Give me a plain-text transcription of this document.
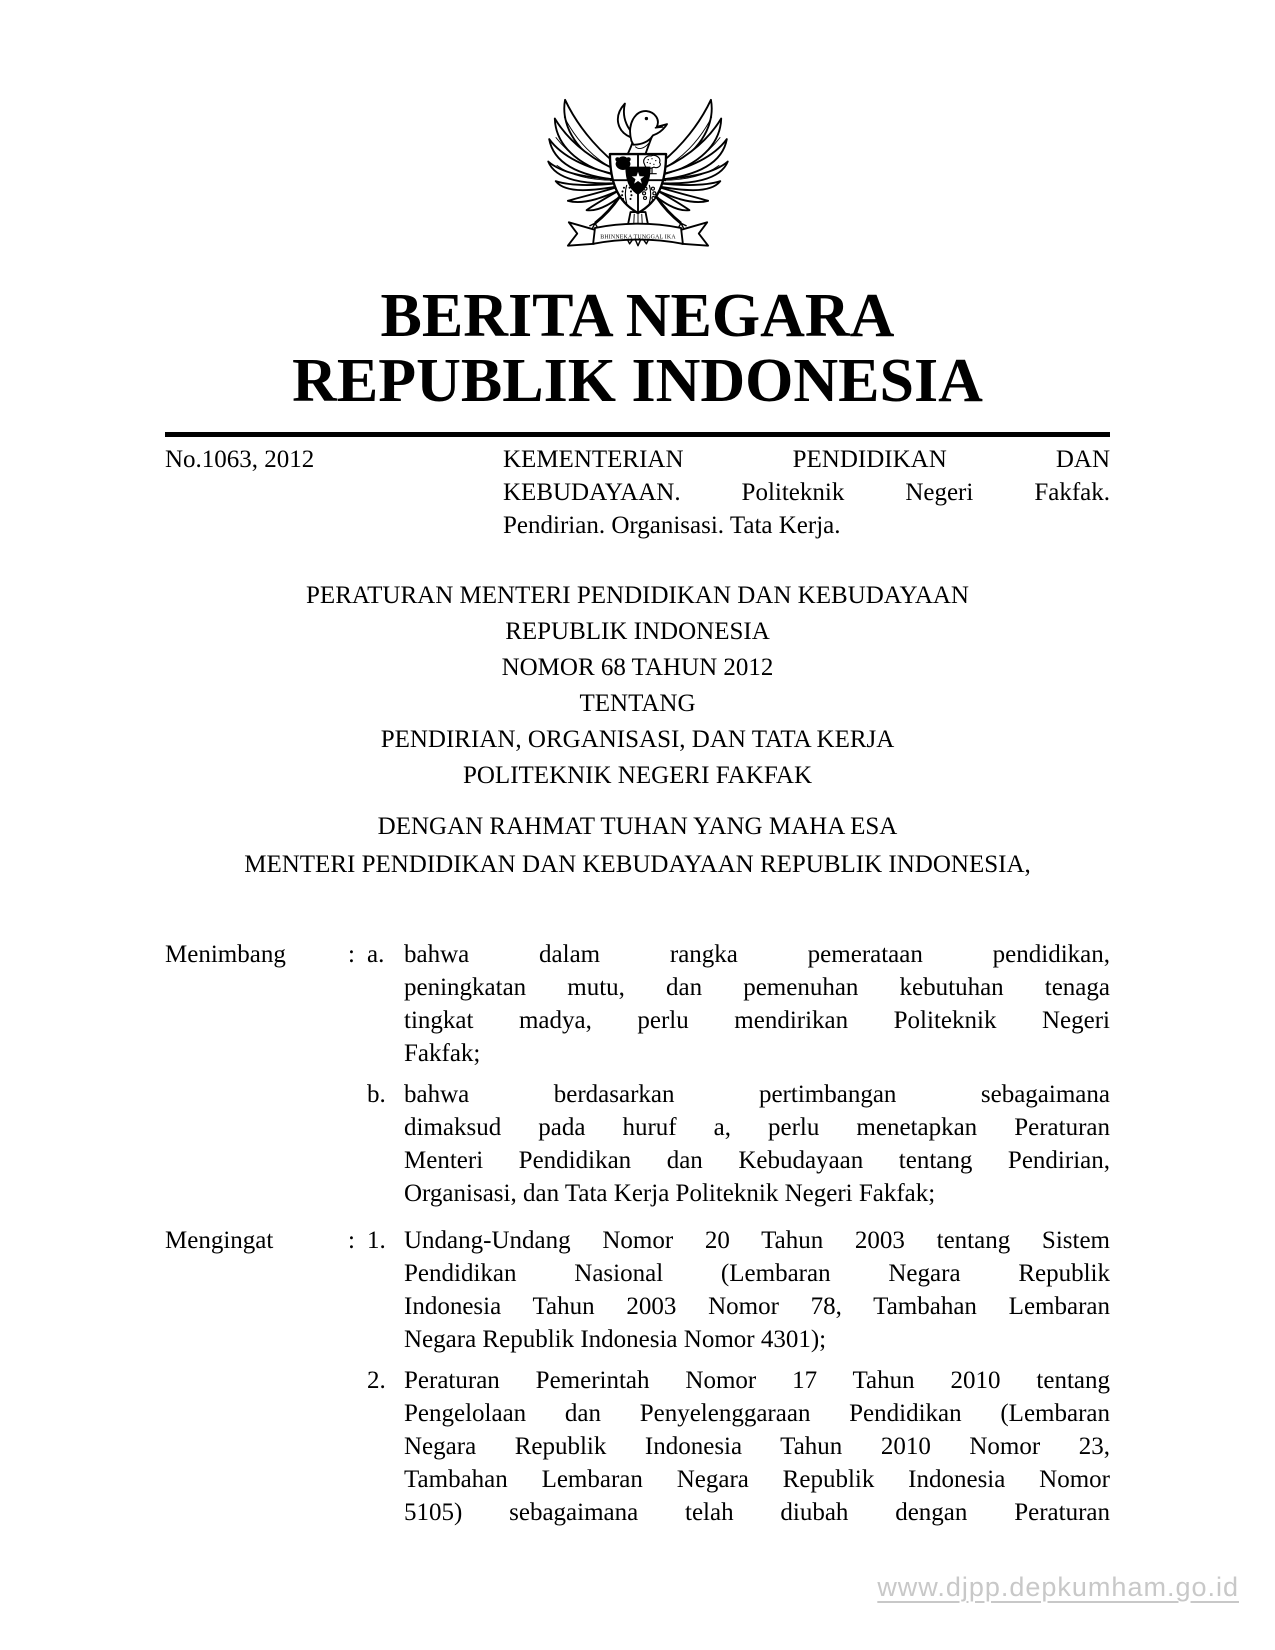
BHINNEKA TUNGGAL IKA
BERITA NEGARA
REPUBLIK INDONESIA
No.1063, 2012	KEMENTERIAN PENDIDIKAN DAN
KEBUDAYAAN. Politeknik Negeri Fakfak.
Pendirian. Organisasi. Tata Kerja.
PERATURAN MENTERI PENDIDIKAN DAN KEBUDAYAAN
REPUBLIK INDONESIA
NOMOR 68 TAHUN 2012
TENTANG
PENDIRIAN, ORGANISASI, DAN TATA KERJA
POLITEKNIK NEGERI FAKFAK
DENGAN RAHMAT TUHAN YANG MAHA ESA
MENTERI PENDIDIKAN DAN KEBUDAYAAN REPUBLIK INDONESIA,
Menimbang	: a. bahwa dalam rangka pemerataan pendidikan,
peningkatan mutu, dan pemenuhan kebutuhan tenaga
tingkat madya, perlu mendirikan Politeknik Negeri
Fakfak;
b. bahwa berdasarkan pertimbangan sebagaimana
dimaksud pada huruf a, perlu menetapkan Peraturan
Menteri Pendidikan dan Kebudayaan tentang Pendirian,
Organisasi, dan Tata Kerja Politeknik Negeri Fakfak;
Mengingat	: 1. Undang-Undang Nomor 20 Tahun 2003 tentang Sistem
Pendidikan Nasional (Lembaran Negara Republik
Indonesia Tahun 2003 Nomor 78, Tambahan Lembaran
Negara Republik Indonesia Nomor 4301);
2. Peraturan Pemerintah Nomor 17 Tahun 2010 tentang
Pengelolaan dan Penyelenggaraan Pendidikan (Lembaran
Negara Republik Indonesia Tahun 2010 Nomor 23,
Tambahan Lembaran Negara Republik Indonesia Nomor
5105) sebagaimana telah diubah dengan Peraturan
www.djpp.depkumham.go.id
